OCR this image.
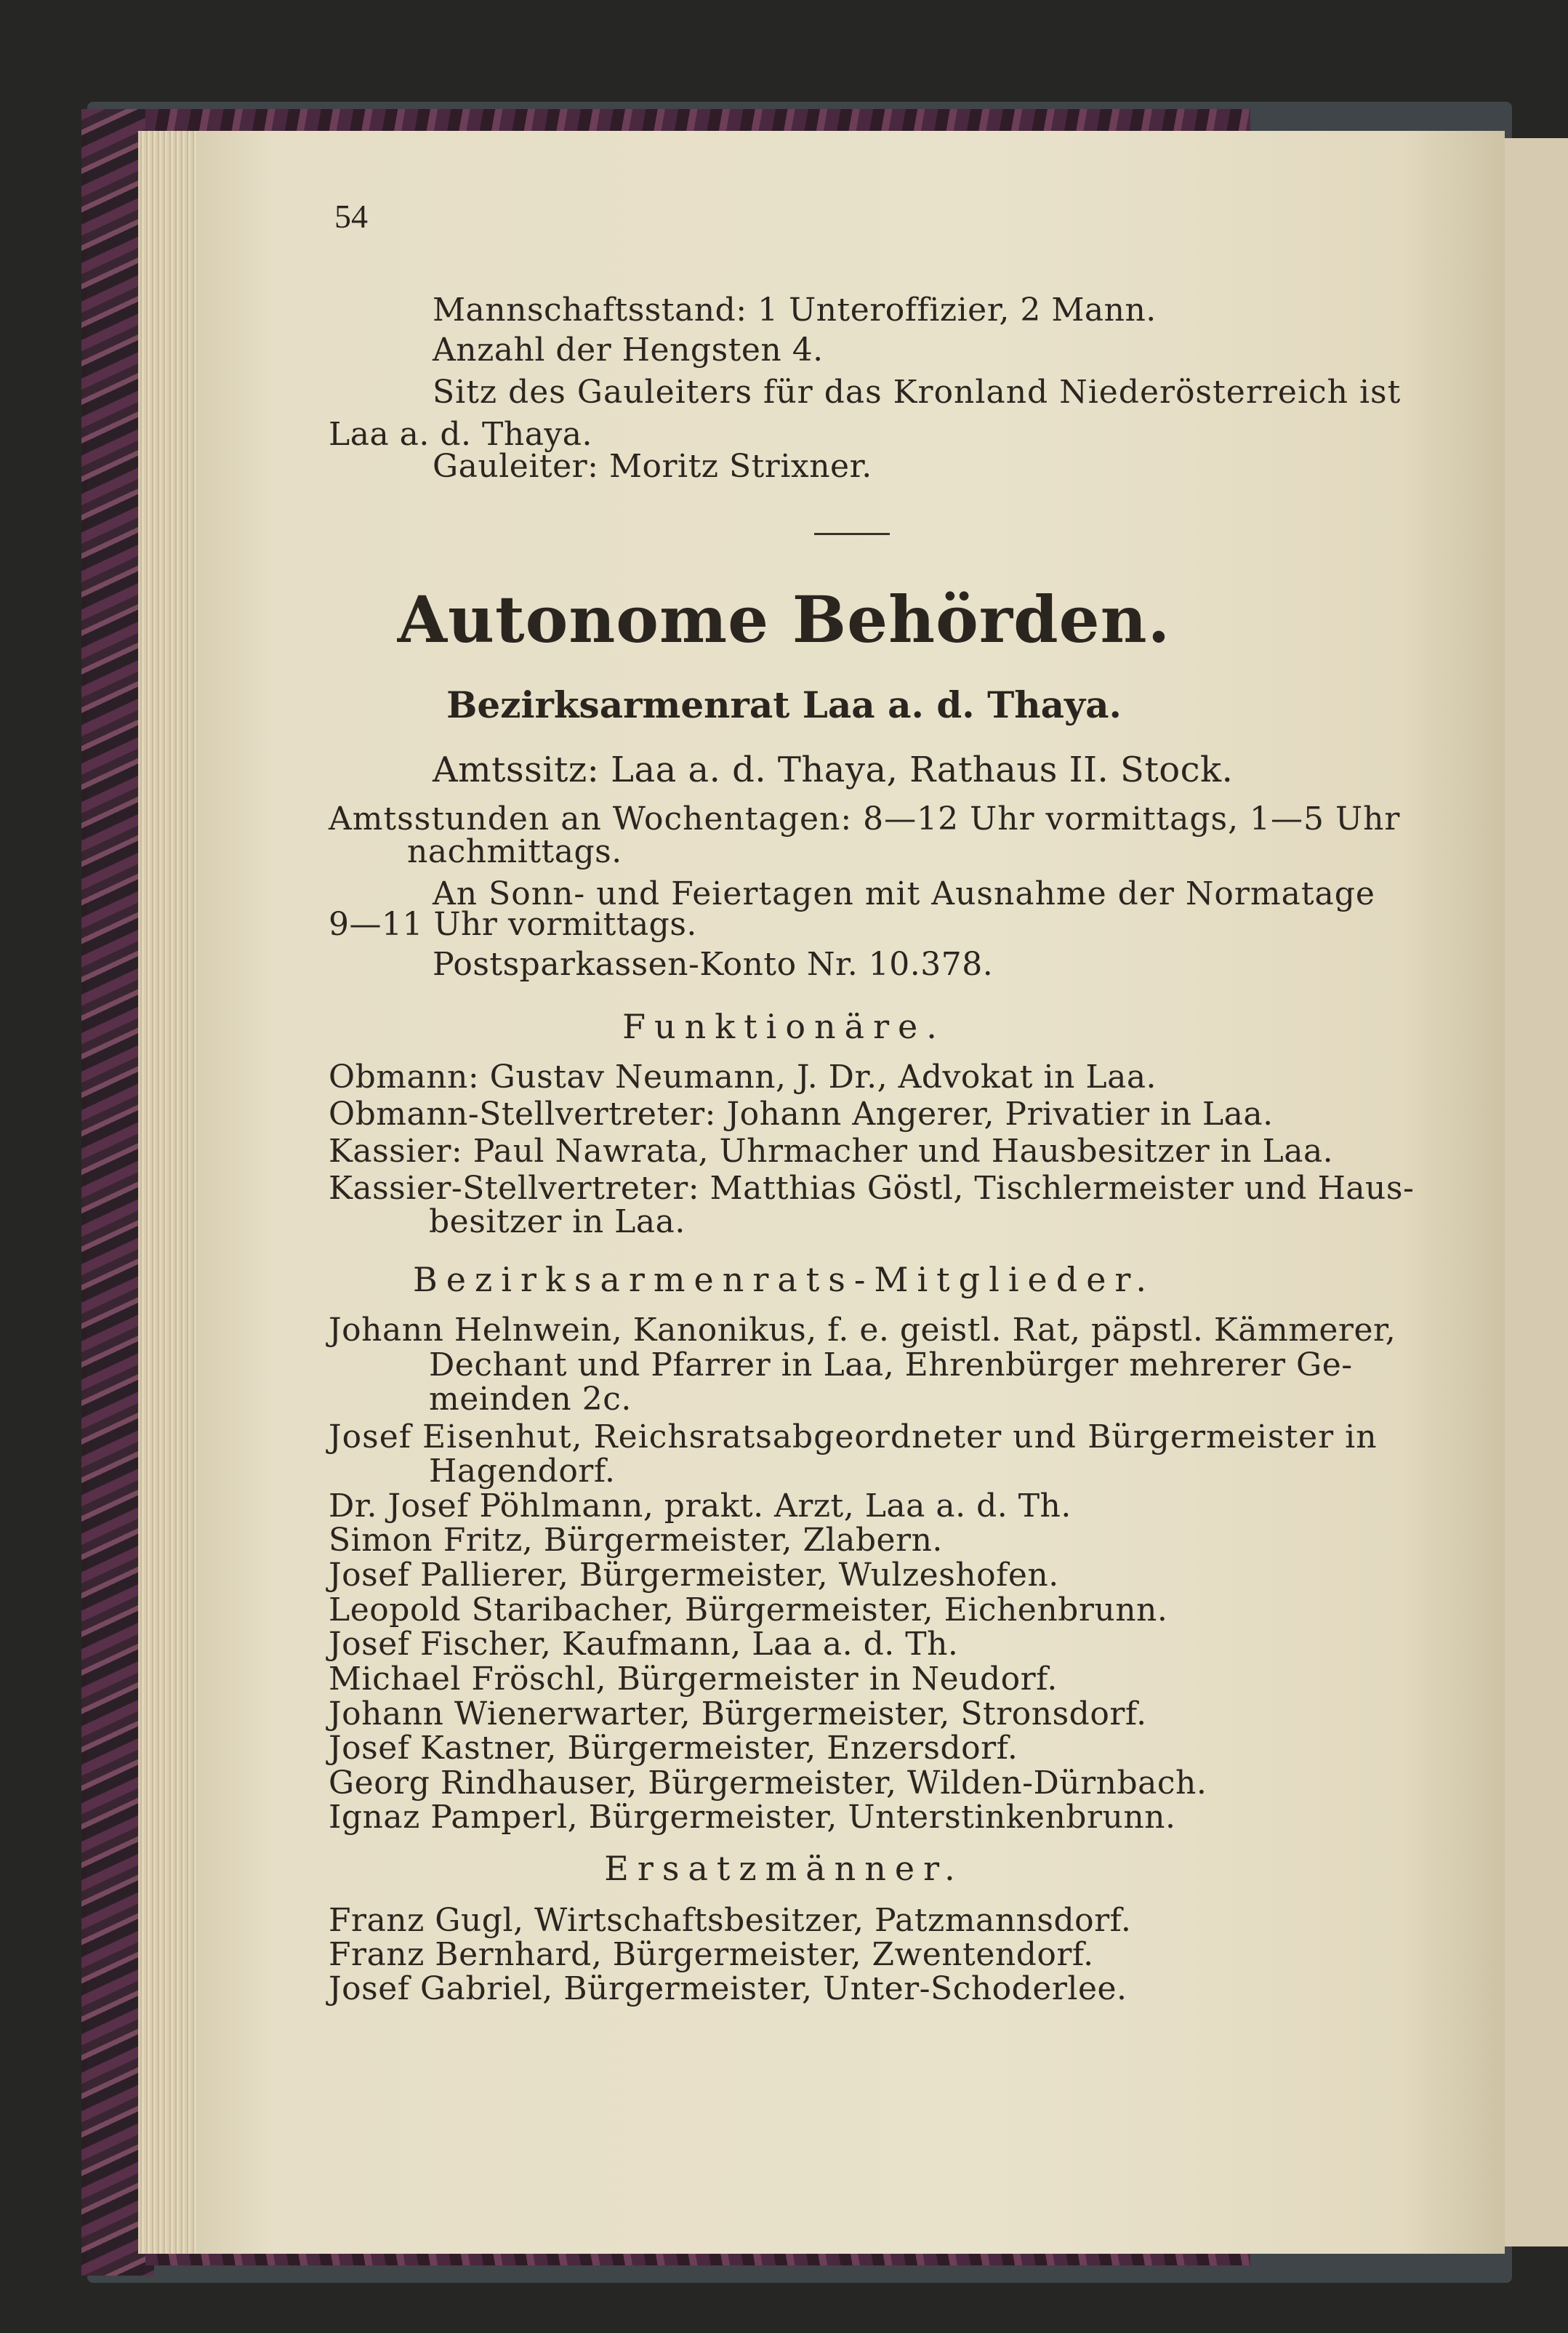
54
Mannschaftsstand: 1 Unteroffizier, 2 Mann.
Anzahl der Hengsten 4.
Sitz des Gauleiters für das Kronland Niederösterreich ist
Laa a. d. Thaya.
Gauleiter: Moritz Strixner.
Autonome Behörden.
Bezirksarmenrat Laa a. d. Thaya.
Amtssitz: Laa a. d. Thaya, Rathaus II. Stock.
Amtsstunden an Wochentagen: 8—12 Uhr vormittags, 1—5 Uhr
nachmittags.
An Sonn- und Feiertagen mit Ausnahme der Normatage
9—11 Uhr vormittags.
Postsparkassen-Konto Nr. 10.378.
Funktionäre.
Obmann: Gustav Neumann, J. Dr., Advokat in Laa.
Obmann-Stellvertreter: Johann Angerer, Privatier in Laa.
Kassier: Paul Nawrata, Uhrmacher und Hausbesitzer in Laa.
Kassier-Stellvertreter: Matthias Göstl, Tischlermeister und Haus-
besitzer in Laa.
Bezirksarmenrats-Mitglieder.
Johann Helnwein, Kanonikus, f. e. geistl. Rat, päpstl. Kämmerer,
Dechant und Pfarrer in Laa, Ehrenbürger mehrerer Ge-
meinden 2c.
Josef Eisenhut, Reichsratsabgeordneter und Bürgermeister in
Hagendorf.
Dr. Josef Pöhlmann, prakt. Arzt, Laa a. d. Th.
Simon Fritz, Bürgermeister, Zlabern.
Josef Pallierer, Bürgermeister, Wulzeshofen.
Leopold Staribacher, Bürgermeister, Eichenbrunn.
Josef Fischer, Kaufmann, Laa a. d. Th.
Michael Fröschl, Bürgermeister in Neudorf.
Johann Wienerwarter, Bürgermeister, Stronsdorf.
Josef Kastner, Bürgermeister, Enzersdorf.
Georg Rindhauser, Bürgermeister, Wilden-Dürnbach.
Ignaz Pamperl, Bürgermeister, Unterstinkenbrunn.
Ersatzmänner.
Franz Gugl, Wirtschaftsbesitzer, Patzmannsdorf.
Franz Bernhard, Bürgermeister, Zwentendorf.
Josef Gabriel, Bürgermeister, Unter-Schoderlee.
